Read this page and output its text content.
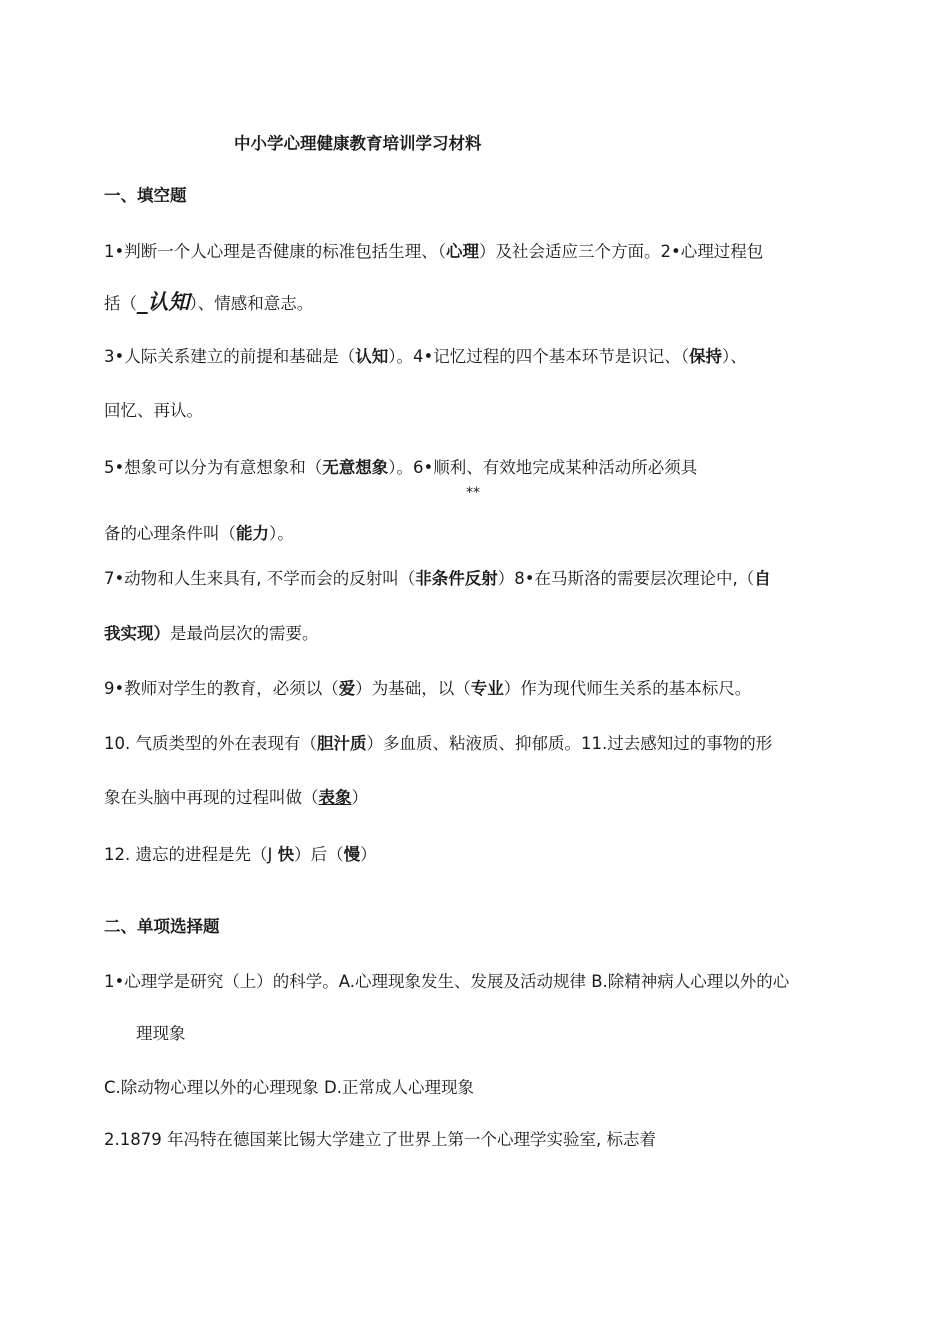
中小学心理健康教育培训学习材料
一、填空题
1•判断一个人心理是否健康的标准包括生理、（心理）及社会适应三个方面。2•心理过程包
括（_认知）、情感和意志。
3•人际关系建立的前提和基础是（认知）。4•记忆过程的四个基本环节是识记、（保持）、
回忆、再认。
5•想象可以分为有意想象和（无意想象）。6•顺利、有效地完成某种活动所必须具
**
备的心理条件叫（能力）。
7•动物和人生来具有, 不学而会的反射叫（非条件反射）8•在马斯洛的需要层次理论中,（自
我实现）是最尚层次的需要。
9•教师对学生的教育，必须以（爱）为基础，以（专业）作为现代师生关系的基本标尺。
10. 气质类型的外在表现有（胆汁质）多血质、粘液质、抑郁质。11.过去感知过的事物的形
象在头脑中再现的过程叫做（表象）
12. 遗忘的进程是先（J 快）后（慢）
二、单项选择题
1•心理学是研究（上）的科学。A.心理现象发生、发展及活动规律 B.除精神病人心理以外的心
理现象
C.除动物心理以外的心理现象 D.正常成人心理现象
2.1879 年冯特在德国莱比锡大学建立了世界上第一个心理学实验室, 标志着
